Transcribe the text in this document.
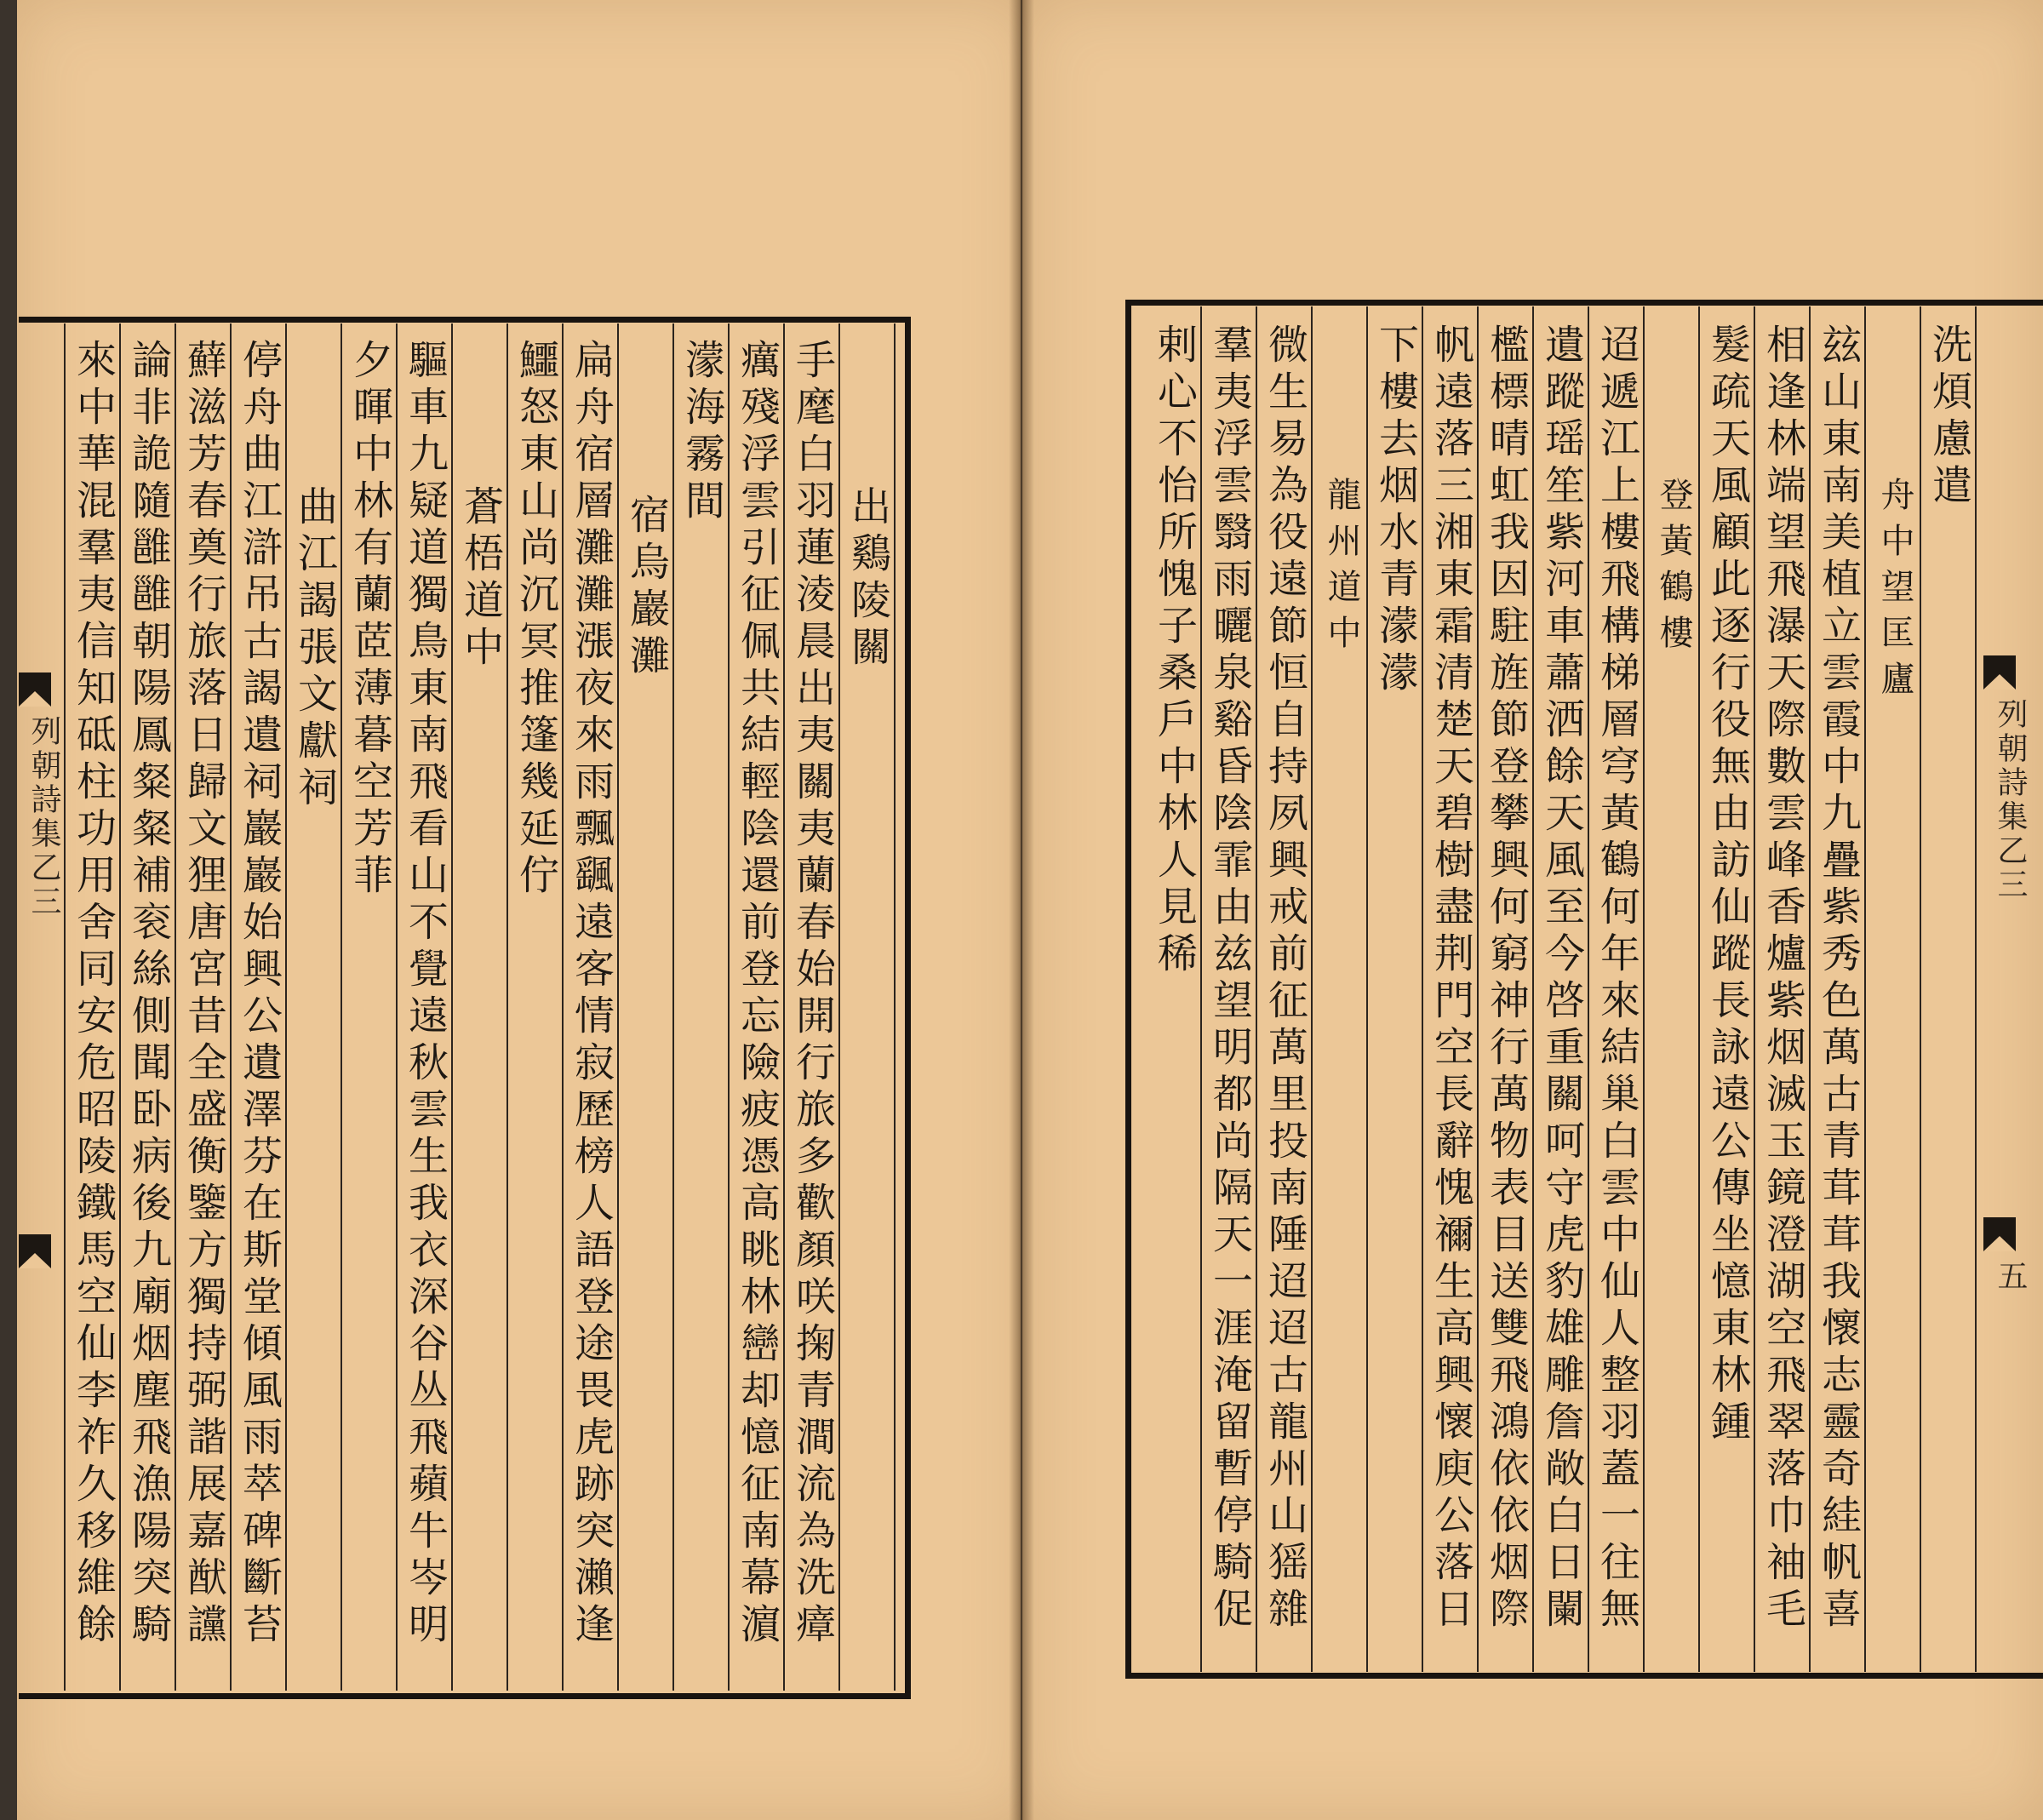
出鷄陵關
手麾白羽蓮淩晨出夷關夷蘭春始開行旅多歡顏咲掬青澗流為洗瘴
癘殘浮雲引征佩共結輕陰還前登忘險疲憑高眺林巒却憶征南幕濵
濛海霧間
宿烏巖灘
扁舟宿層灘灘漲夜來雨飄颻遠客情寂歷榜人語登途畏虎跡突瀨逢
鱷怒東山尚沉冥推篷幾延佇
蒼梧道中
驅車九疑道獨鳥東南飛看山不覺遠秋雲生我衣深谷丛飛蘋牛岑明
夕暉中林有蘭茝薄暮空芳菲
曲江謁張文獻祠
停舟曲江滸吊古謁遺祠巖巖始興公遺澤芬在斯堂傾風雨萃碑斷苔
蘚滋芳春奠行旅落日歸文狸唐宮昔全盛衡鑒方獨持弼諧展嘉猷讜
論非詭隨雝雝朝陽鳳粲粲補衮絲側聞卧病後九廟烟塵飛漁陽突騎
來中華混羣夷信知砥柱功用舍同安危昭陵鐵馬空仙李祚久移維餘
列朝詩集乙三
洗煩慮遣
舟中望匡廬
玆山東南美植立雲霞中九疊紫秀色萬古青茸茸我懷志靈奇絓帆喜
相逢林端望飛瀑天際數雲峰香爐紫烟滅玉鏡澄湖空飛翠落巾袖毛
髮疏天風顧此逐行役無由訪仙蹤長詠遠公傳坐憶東林鍾
登黃鶴樓
迢遞江上樓飛構梯層穹黃鶴何年來結巢白雲中仙人整羽蓋一往無
遺蹤瑶笙紫河車蕭洒餘天風至今啓重關呵守虎豹雄雕詹敞白日闌
檻標晴虹我因駐旌節登攀興何窮神行萬物表目送雙飛鴻依依烟際
帆遠落三湘東霜清楚天碧樹盡荆門空長辭愧禰生高興懷庾公落日
下樓去烟水青濛濛
龍州道中
微生易為役遠節恒自持夙興戒前征萬里投南陲迢迢古龍州山猺雜
羣夷浮雲翳雨曬泉谿昏陰霏由兹望明都尚隔天一涯淹留暫停騎促
剌心不怡所愧子桑戶中林人見稀	列朝詩集乙三
五
